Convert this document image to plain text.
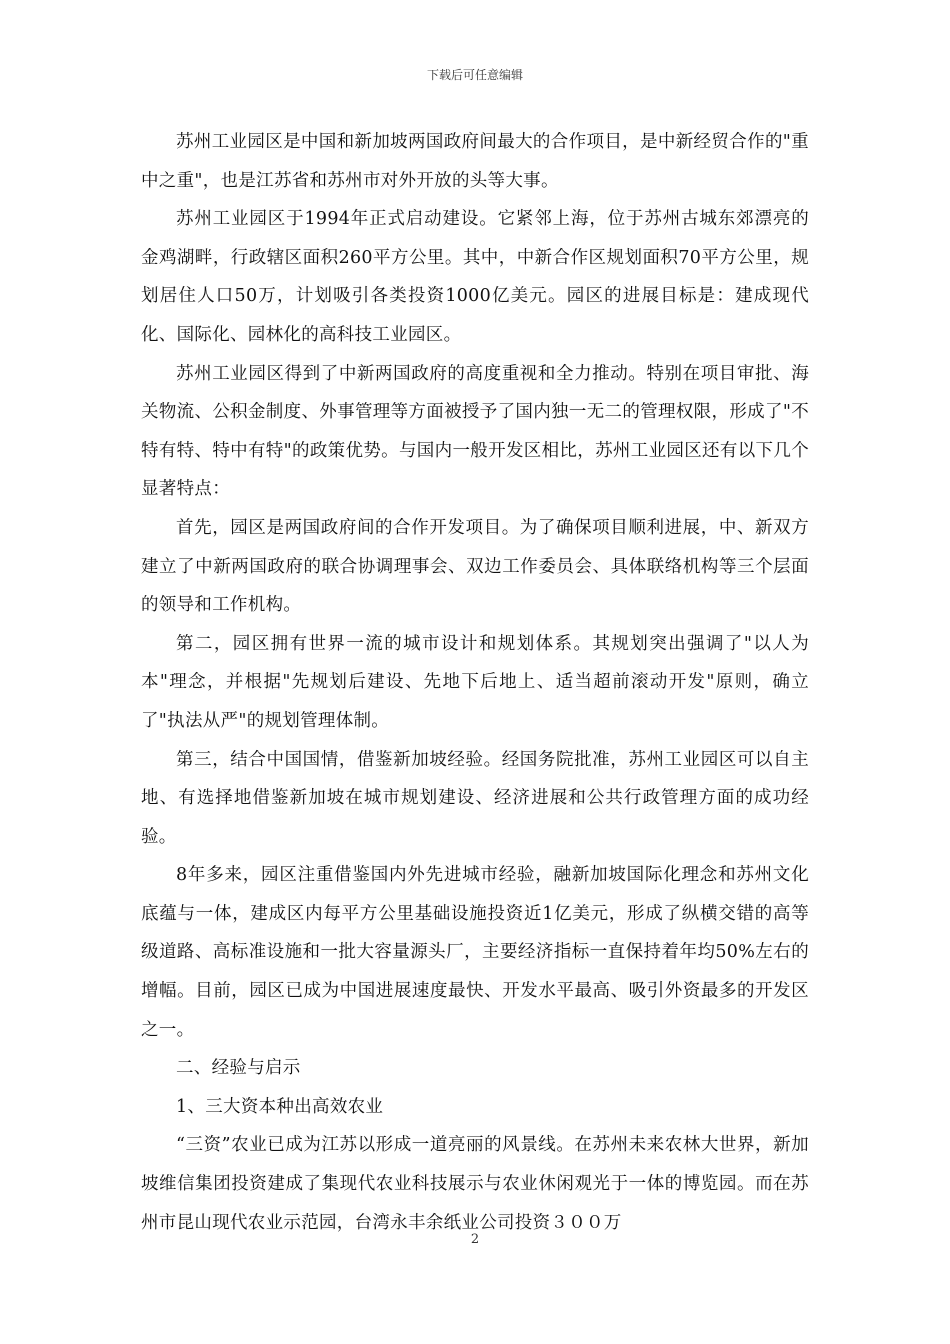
下载后可任意编辑

苏州工业园区是中国和新加坡两国政府间最大的合作项目，是中新经贸合作的"重中之重"，也是江苏省和苏州市对外开放的头等大事。

苏州工业园区于1994年正式启动建设。它紧邻上海，位于苏州古城东郊漂亮的金鸡湖畔，行政辖区面积260平方公里。其中，中新合作区规划面积70平方公里，规划居住人口50万，计划吸引各类投资1000亿美元。园区的进展目标是：建成现代化、国际化、园林化的高科技工业园区。

苏州工业园区得到了中新两国政府的高度重视和全力推动。特别在项目审批、海关物流、公积金制度、外事管理等方面被授予了国内独一无二的管理权限，形成了"不特有特、特中有特"的政策优势。与国内一般开发区相比，苏州工业园区还有以下几个显著特点：

首先，园区是两国政府间的合作开发项目。为了确保项目顺利进展，中、新双方建立了中新两国政府的联合协调理事会、双边工作委员会、具体联络机构等三个层面的领导和工作机构。

第二，园区拥有世界一流的城市设计和规划体系。其规划突出强调了"以人为本"理念，并根据"先规划后建设、先地下后地上、适当超前滚动开发"原则，确立了"执法从严"的规划管理体制。

第三，结合中国国情，借鉴新加坡经验。经国务院批准，苏州工业园区可以自主地、有选择地借鉴新加坡在城市规划建设、经济进展和公共行政管理方面的成功经验。

8年多来，园区注重借鉴国内外先进城市经验，融新加坡国际化理念和苏州文化底蕴与一体，建成区内每平方公里基础设施投资近1亿美元，形成了纵横交错的高等级道路、高标准设施和一批大容量源头厂，主要经济指标一直保持着年均50%左右的增幅。目前，园区已成为中国进展速度最快、开发水平最高、吸引外资最多的开发区之一。

二、经验与启示

1、三大资本种出高效农业

“三资”农业已成为江苏以形成一道亮丽的风景线。在苏州未来农林大世界，新加坡维信集团投资建成了集现代农业科技展示与农业休闲观光于一体的博览园。而在苏州市昆山现代农业示范园，台湾永丰余纸业公司投资３００万

2
